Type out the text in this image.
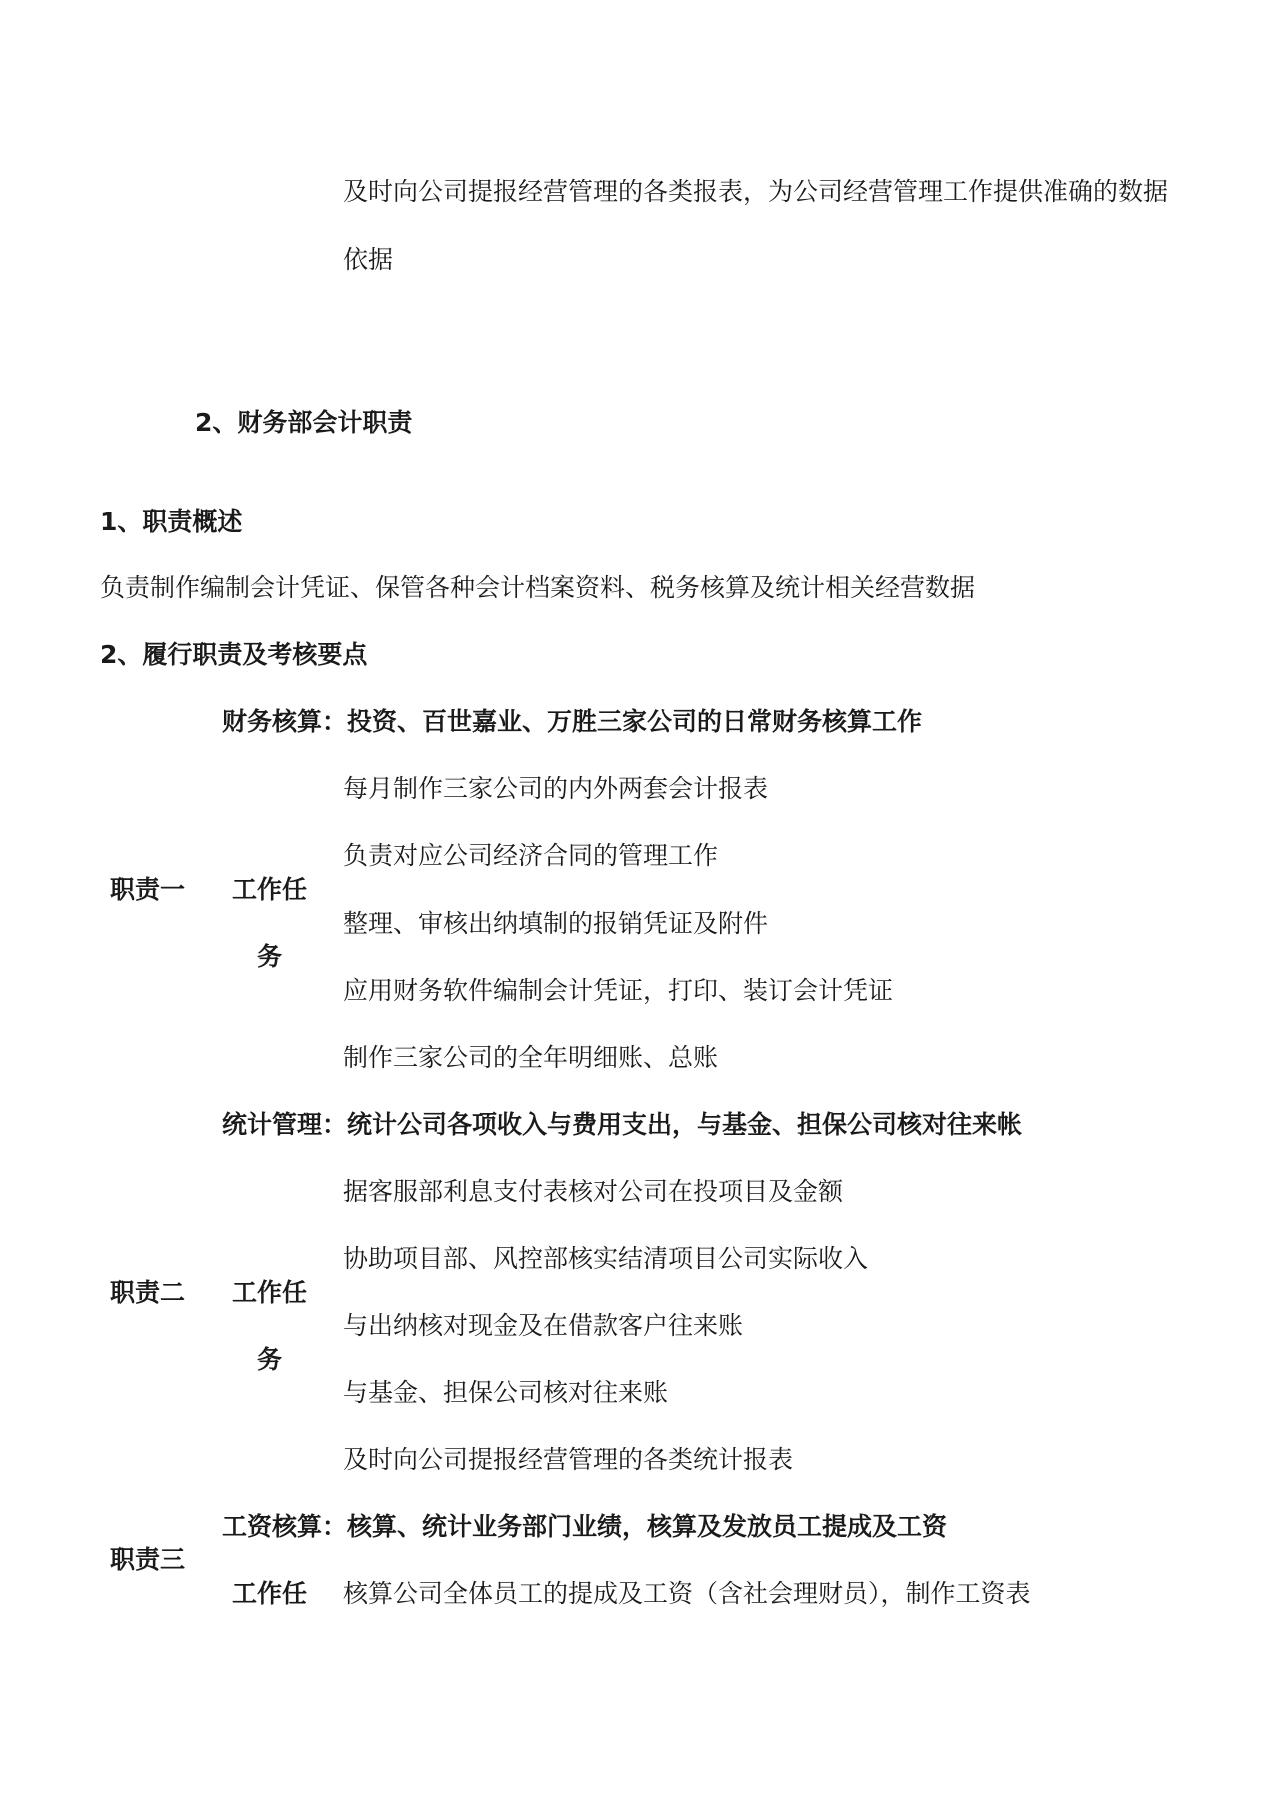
及时向公司提报经营管理的各类报表，为公司经营管理工作提供准确的数据
依据
2、财务部会计职责
1、职责概述
负责制作编制会计凭证、保管各种会计档案资料、税务核算及统计相关经营数据
2、履行职责及考核要点
财务核算：投资、百世嘉业、万胜三家公司的日常财务核算工作
每月制作三家公司的内外两套会计报表
负责对应公司经济合同的管理工作
职责一 工作任
整理、审核出纳填制的报销凭证及附件
务
应用财务软件编制会计凭证，打印、装订会计凭证
制作三家公司的全年明细账、总账
统计管理：统计公司各项收入与费用支出，与基金、担保公司核对往来帐
据客服部利息支付表核对公司在投项目及金额
协助项目部、风控部核实结清项目公司实际收入
职责二 工作任
与出纳核对现金及在借款客户往来账
务
与基金、担保公司核对往来账
及时向公司提报经营管理的各类统计报表
工资核算：核算、统计业务部门业绩，核算及发放员工提成及工资
职责三
工作任 核算公司全体员工的提成及工资（含社会理财员），制作工资表
